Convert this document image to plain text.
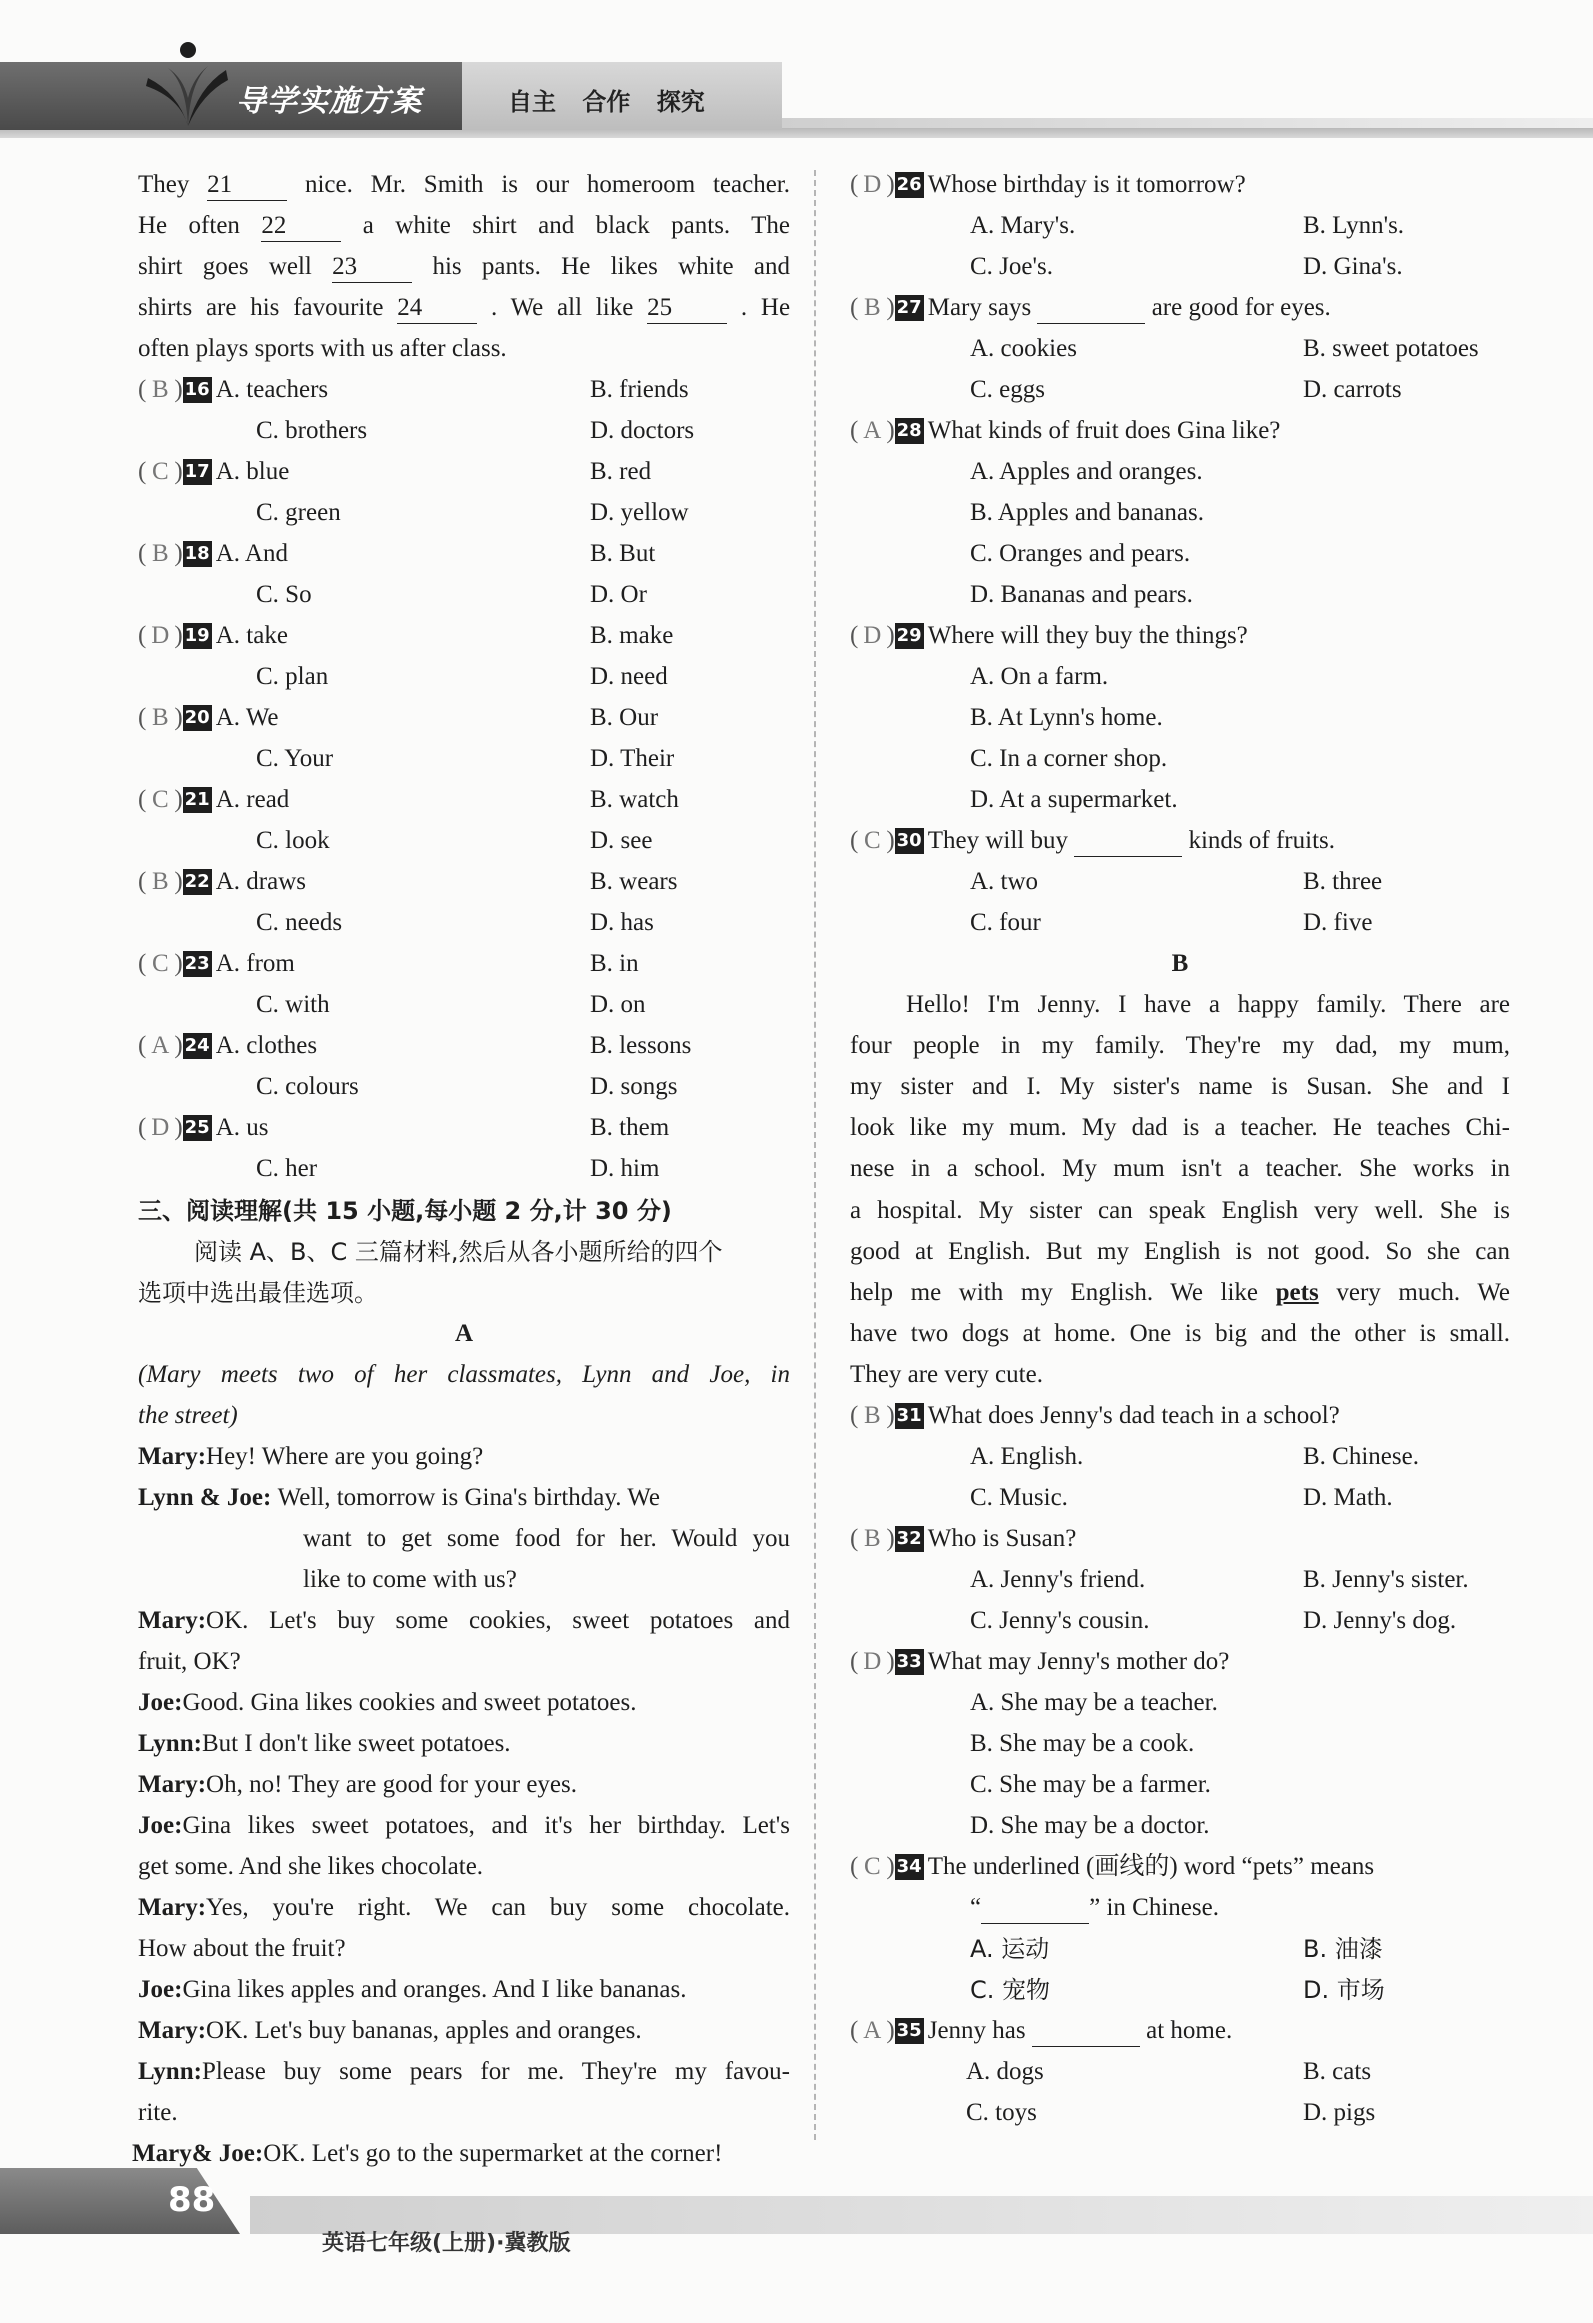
导学实施方案	自主 合作 探究
They 21	nice. Mr. Smith is our homeroom teacher.
He often 22	a white shirt and black pants. The
shirt goes well 23	his pants. He likes white and
shirts are his favourite 24	. We all like 25	. He
often plays sports with us after class.
( B ) 16 A. teachers	B. friends
C. brothers	D. doctors
( C ) 17 A. blue	B. red
C. green	D. yellow
( B ) 18 A. And	B. But
C. So	D. Or
( D ) 19 A. take	B. make
C. plan	D. need
( B ) 20 A. We	B. Our
C. Your	D. Their
( C ) 21 A. read	B. watch
C. look	D. see
( B ) 22 A. draws	B. wears
C. needs	D. has
( C ) 23 A. from	B. in
C. with	D. on
( A ) 24 A. clothes	B. lessons
C. colours	D. songs
( D ) 25 A. us	B. them
C. her	D. him
三、阅读理解(共 15 小题,每小题 2 分,计 30 分)
阅读 A、B、C 三篇材料,然后从各小题所给的四个
选项中选出最佳选项。
A
(Mary meets two of her classmates, Lynn and Joe, in
the street)
Mary:Hey! Where are you going?
Lynn & Joe: Well, tomorrow is Gina's birthday. We
want to get some food for her. Would you
like to come with us?
Mary:OK. Let's buy some cookies, sweet potatoes and
fruit, OK?
Joe:Good. Gina likes cookies and sweet potatoes.
Lynn:But I don't like sweet potatoes.
Mary:Oh, no! They are good for your eyes.
Joe:Gina likes sweet potatoes, and it's her birthday. Let's
get some. And she likes chocolate.
Mary:Yes, you're right. We can buy some chocolate.
How about the fruit?
Joe:Gina likes apples and oranges. And I like bananas.
Mary:OK. Let's buy bananas, apples and oranges.
Lynn:Please buy some pears for me. They're my favou-
rite.
Mary& Joe:OK. Let's go to the supermarket at the corner!
( D ) 26 Whose birthday is it tomorrow?
A. Mary's.	B. Lynn's.
C. Joe's.	D. Gina's.
( B ) 27 Mary says	are good for eyes.
A. cookies	B. sweet potatoes
C. eggs	D. carrots
( A ) 28 What kinds of fruit does Gina like?
A. Apples and oranges.
B. Apples and bananas.
C. Oranges and pears.
D. Bananas and pears.
( D ) 29 Where will they buy the things?
A. On a farm.
B. At Lynn's home.
C. In a corner shop.
D. At a supermarket.
( C ) 30 They will buy	kinds of fruits.
A. two	B. three
C. four	D. five
B
Hello! I'm Jenny. I have a happy family. There are
four people in my family. They're my dad, my mum,
my sister and I. My sister's name is Susan. She and I
look like my mum. My dad is a teacher. He teaches Chi-
nese in a school. My mum isn't a teacher. She works in
a hospital. My sister can speak English very well. She is
good at English. But my English is not good. So she can
help me with my English. We like pets very much. We
have two dogs at home. One is big and the other is small.
They are very cute.
( B ) 31 What does Jenny's dad teach in a school?
A. English.	B. Chinese.
C. Music.	D. Math.
( B ) 32 Who is Susan?
A. Jenny's friend.	B. Jenny's sister.
C. Jenny's cousin.	D. Jenny's dog.
( D ) 33 What may Jenny's mother do?
A. She may be a teacher.
B. She may be a cook.
C. She may be a farmer.
D. She may be a doctor.
( C ) 34 The underlined (画线的) word “pets” means
“	” in Chinese.
A. 运动	B. 油漆
C. 宠物	D. 市场
( A ) 35 Jenny has	at home.
A. dogs	B. cats
C. toys	D. pigs
88
英语七年级(上册)·冀教版
